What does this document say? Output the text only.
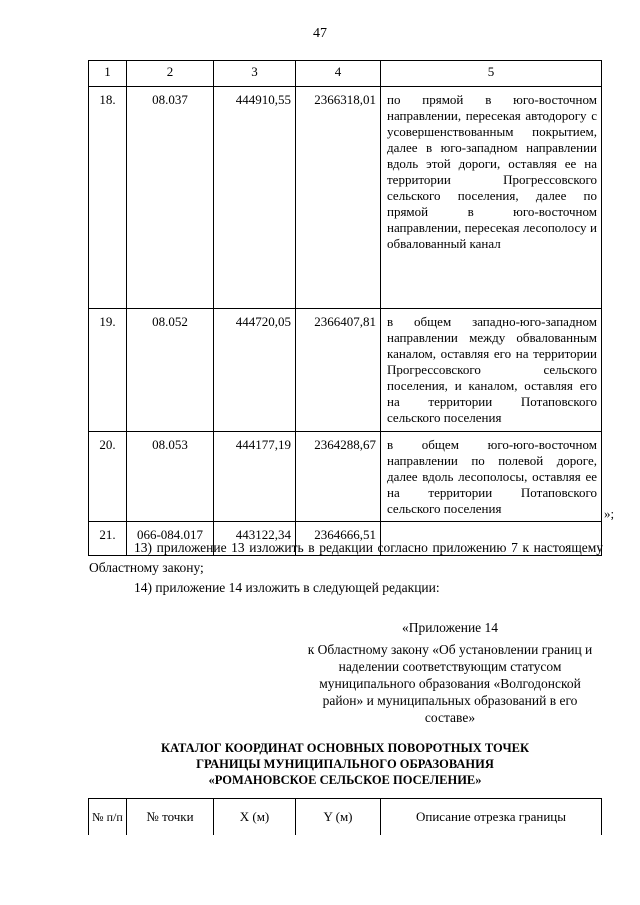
47
1	2	3	4	5
18.	08.037	444910,55	2366318,01	по прямой в юго-восточном направлении, пересекая автодорогу с усовершенствованным покрытием, далее в юго-западном направлении вдоль этой дороги, оставляя ее на территории Прогрессовского сельского поселения, далее по прямой в юго-восточном направлении, пересекая лесополосу и обвалованный канал
19.	08.052	444720,05	2366407,81	в общем западно-юго-западном направлении между обвалованным каналом, оставляя его на территории Прогрессовского сельского поселения, и каналом, оставляя его на территории Потаповского сельского поселения
20.	08.053	444177,19	2364288,67	в общем юго-юго-восточном направлении по полевой дороге, далее вдоль лесополосы, оставляя ее на территории Потаповского сельского поселения
21.	066-084.017	443122,34	2364666,51	
»;
13) приложение 13 изложить в редакции согласно приложению 7 к настоящему Областному закону;
14) приложение 14 изложить в следующей редакции:
«Приложение 14
к Областному закону «Об установлении границ и наделении соответствующим статусом муниципального образования «Волгодонской район» и муниципальных образований в его составе»
КАТАЛОГ КООРДИНАТ ОСНОВНЫХ ПОВОРОТНЫХ ТОЧЕК
ГРАНИЦЫ МУНИЦИПАЛЬНОГО ОБРАЗОВАНИЯ
«РОМАНОВСКОЕ СЕЛЬСКОЕ ПОСЕЛЕНИЕ»
№ п/п	№ точки	X (м)	Y (м)	Описание отрезка границы
